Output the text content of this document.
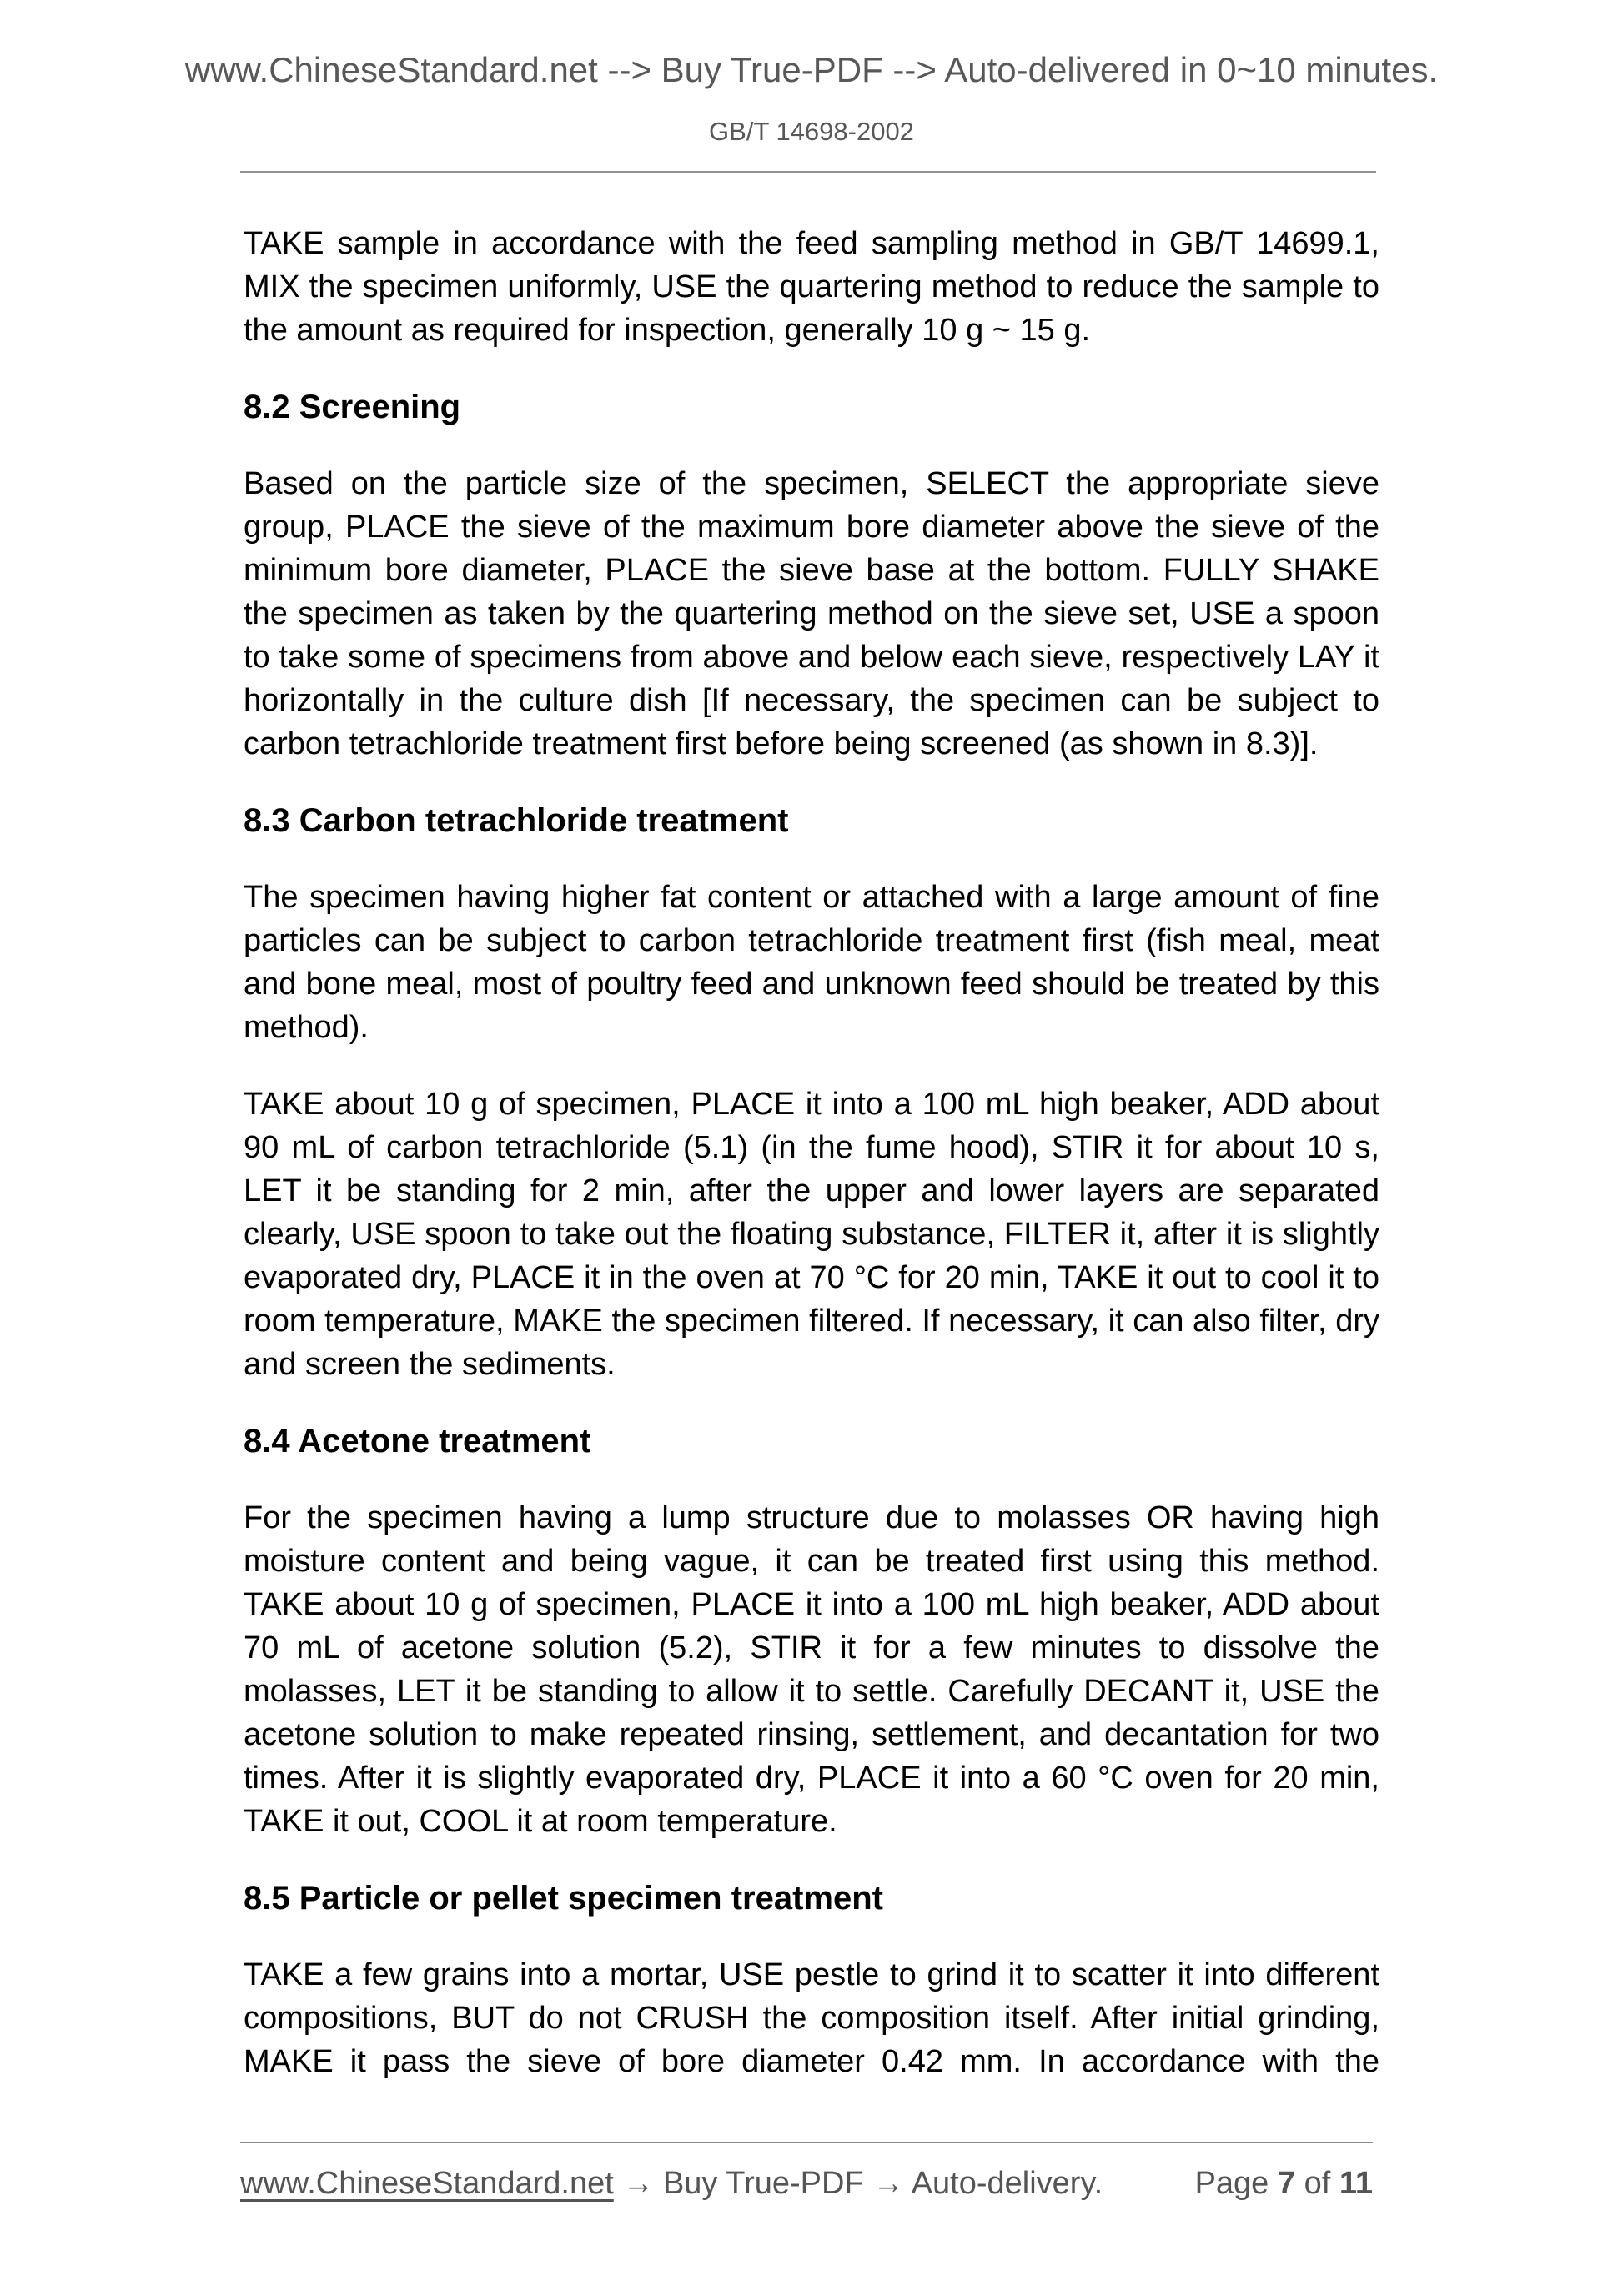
www.ChineseStandard.net --> Buy True-PDF --> Auto-delivered in 0~10 minutes.
GB/T 14698-2002

TAKE sample in accordance with the feed sampling method in GB/T 14699.1, MIX the specimen uniformly, USE the quartering method to reduce the sample to the amount as required for inspection, generally 10 g ~ 15 g.

8.2 Screening

Based on the particle size of the specimen, SELECT the appropriate sieve group, PLACE the sieve of the maximum bore diameter above the sieve of the minimum bore diameter, PLACE the sieve base at the bottom. FULLY SHAKE the specimen as taken by the quartering method on the sieve set, USE a spoon to take some of specimens from above and below each sieve, respectively LAY it horizontally in the culture dish [If necessary, the specimen can be subject to carbon tetrachloride treatment first before being screened (as shown in 8.3)].

8.3 Carbon tetrachloride treatment

The specimen having higher fat content or attached with a large amount of fine particles can be subject to carbon tetrachloride treatment first (fish meal, meat and bone meal, most of poultry feed and unknown feed should be treated by this method).

TAKE about 10 g of specimen, PLACE it into a 100 mL high beaker, ADD about 90 mL of carbon tetrachloride (5.1) (in the fume hood), STIR it for about 10 s, LET it be standing for 2 min, after the upper and lower layers are separated clearly, USE spoon to take out the floating substance, FILTER it, after it is slightly evaporated dry, PLACE it in the oven at 70 °C for 20 min, TAKE it out to cool it to room temperature, MAKE the specimen filtered. If necessary, it can also filter, dry and screen the sediments.

8.4 Acetone treatment

For the specimen having a lump structure due to molasses OR having high moisture content and being vague, it can be treated first using this method. TAKE about 10 g of specimen, PLACE it into a 100 mL high beaker, ADD about 70 mL of acetone solution (5.2), STIR it for a few minutes to dissolve the molasses, LET it be standing to allow it to settle. Carefully DECANT it, USE the acetone solution to make repeated rinsing, settlement, and decantation for two times. After it is slightly evaporated dry, PLACE it into a 60 °C oven for 20 min, TAKE it out, COOL it at room temperature.

8.5 Particle or pellet specimen treatment

TAKE a few grains into a mortar, USE pestle to grind it to scatter it into different compositions, BUT do not CRUSH the composition itself. After initial grinding, MAKE it pass the sieve of bore diameter 0.42 mm. In accordance with the

www.ChineseStandard.net → Buy True-PDF → Auto-delivery.	Page 7 of 11
